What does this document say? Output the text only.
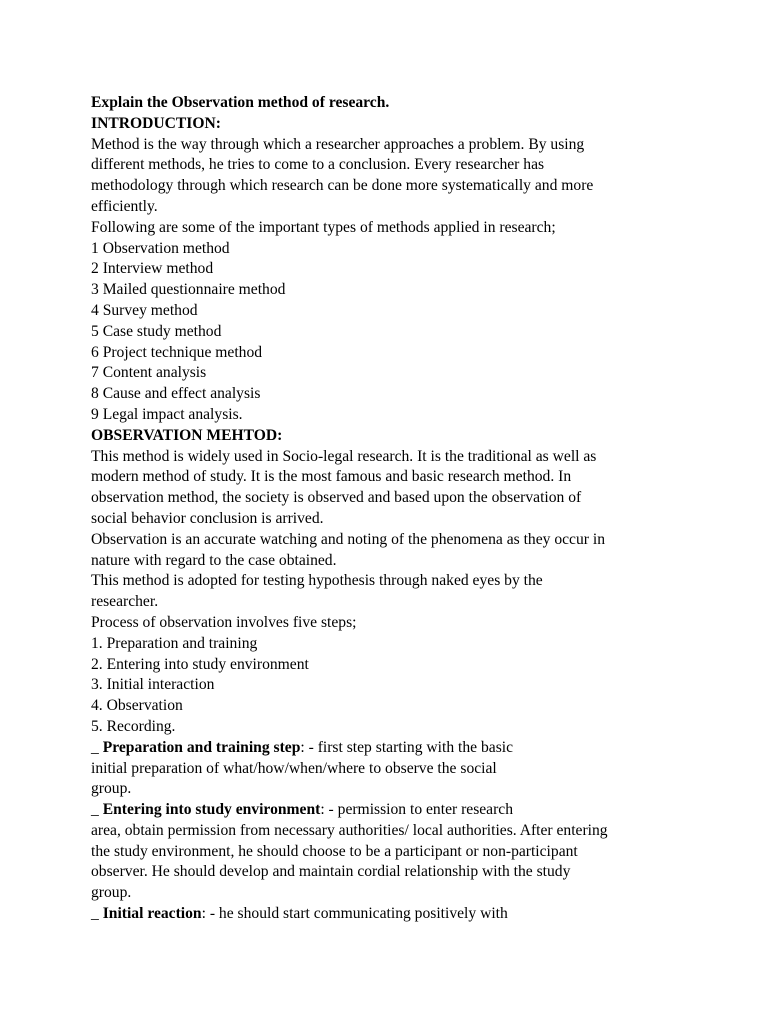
Explain the Observation method of research.
INTRODUCTION:
Method is the way through which a researcher approaches a problem. By using
different methods, he tries to come to a conclusion. Every researcher has
methodology through which research can be done more systematically and more
efficiently.
Following are some of the important types of methods applied in research;
1 Observation method
2 Interview method
3 Mailed questionnaire method
4 Survey method
5 Case study method
6 Project technique method
7 Content analysis
8 Cause and effect analysis
9 Legal impact analysis.
OBSERVATION MEHTOD:
This method is widely used in Socio-legal research. It is the traditional as well as
modern method of study. It is the most famous and basic research method. In
observation method, the society is observed and based upon the observation of
social behavior conclusion is arrived.
Observation is an accurate watching and noting of the phenomena as they occur in
nature with regard to the case obtained.
This method is adopted for testing hypothesis through naked eyes by the
researcher.
Process of observation involves five steps;
1. Preparation and training
2. Entering into study environment
3. Initial interaction
4. Observation
5. Recording.
_ Preparation and training step: - first step starting with the basic
initial preparation of what/how/when/where to observe the social
group.
_ Entering into study environment: - permission to enter research
area, obtain permission from necessary authorities/ local authorities. After entering
the study environment, he should choose to be a participant or non-participant
observer. He should develop and maintain cordial relationship with the study
group.
_ Initial reaction: - he should start communicating positively with
